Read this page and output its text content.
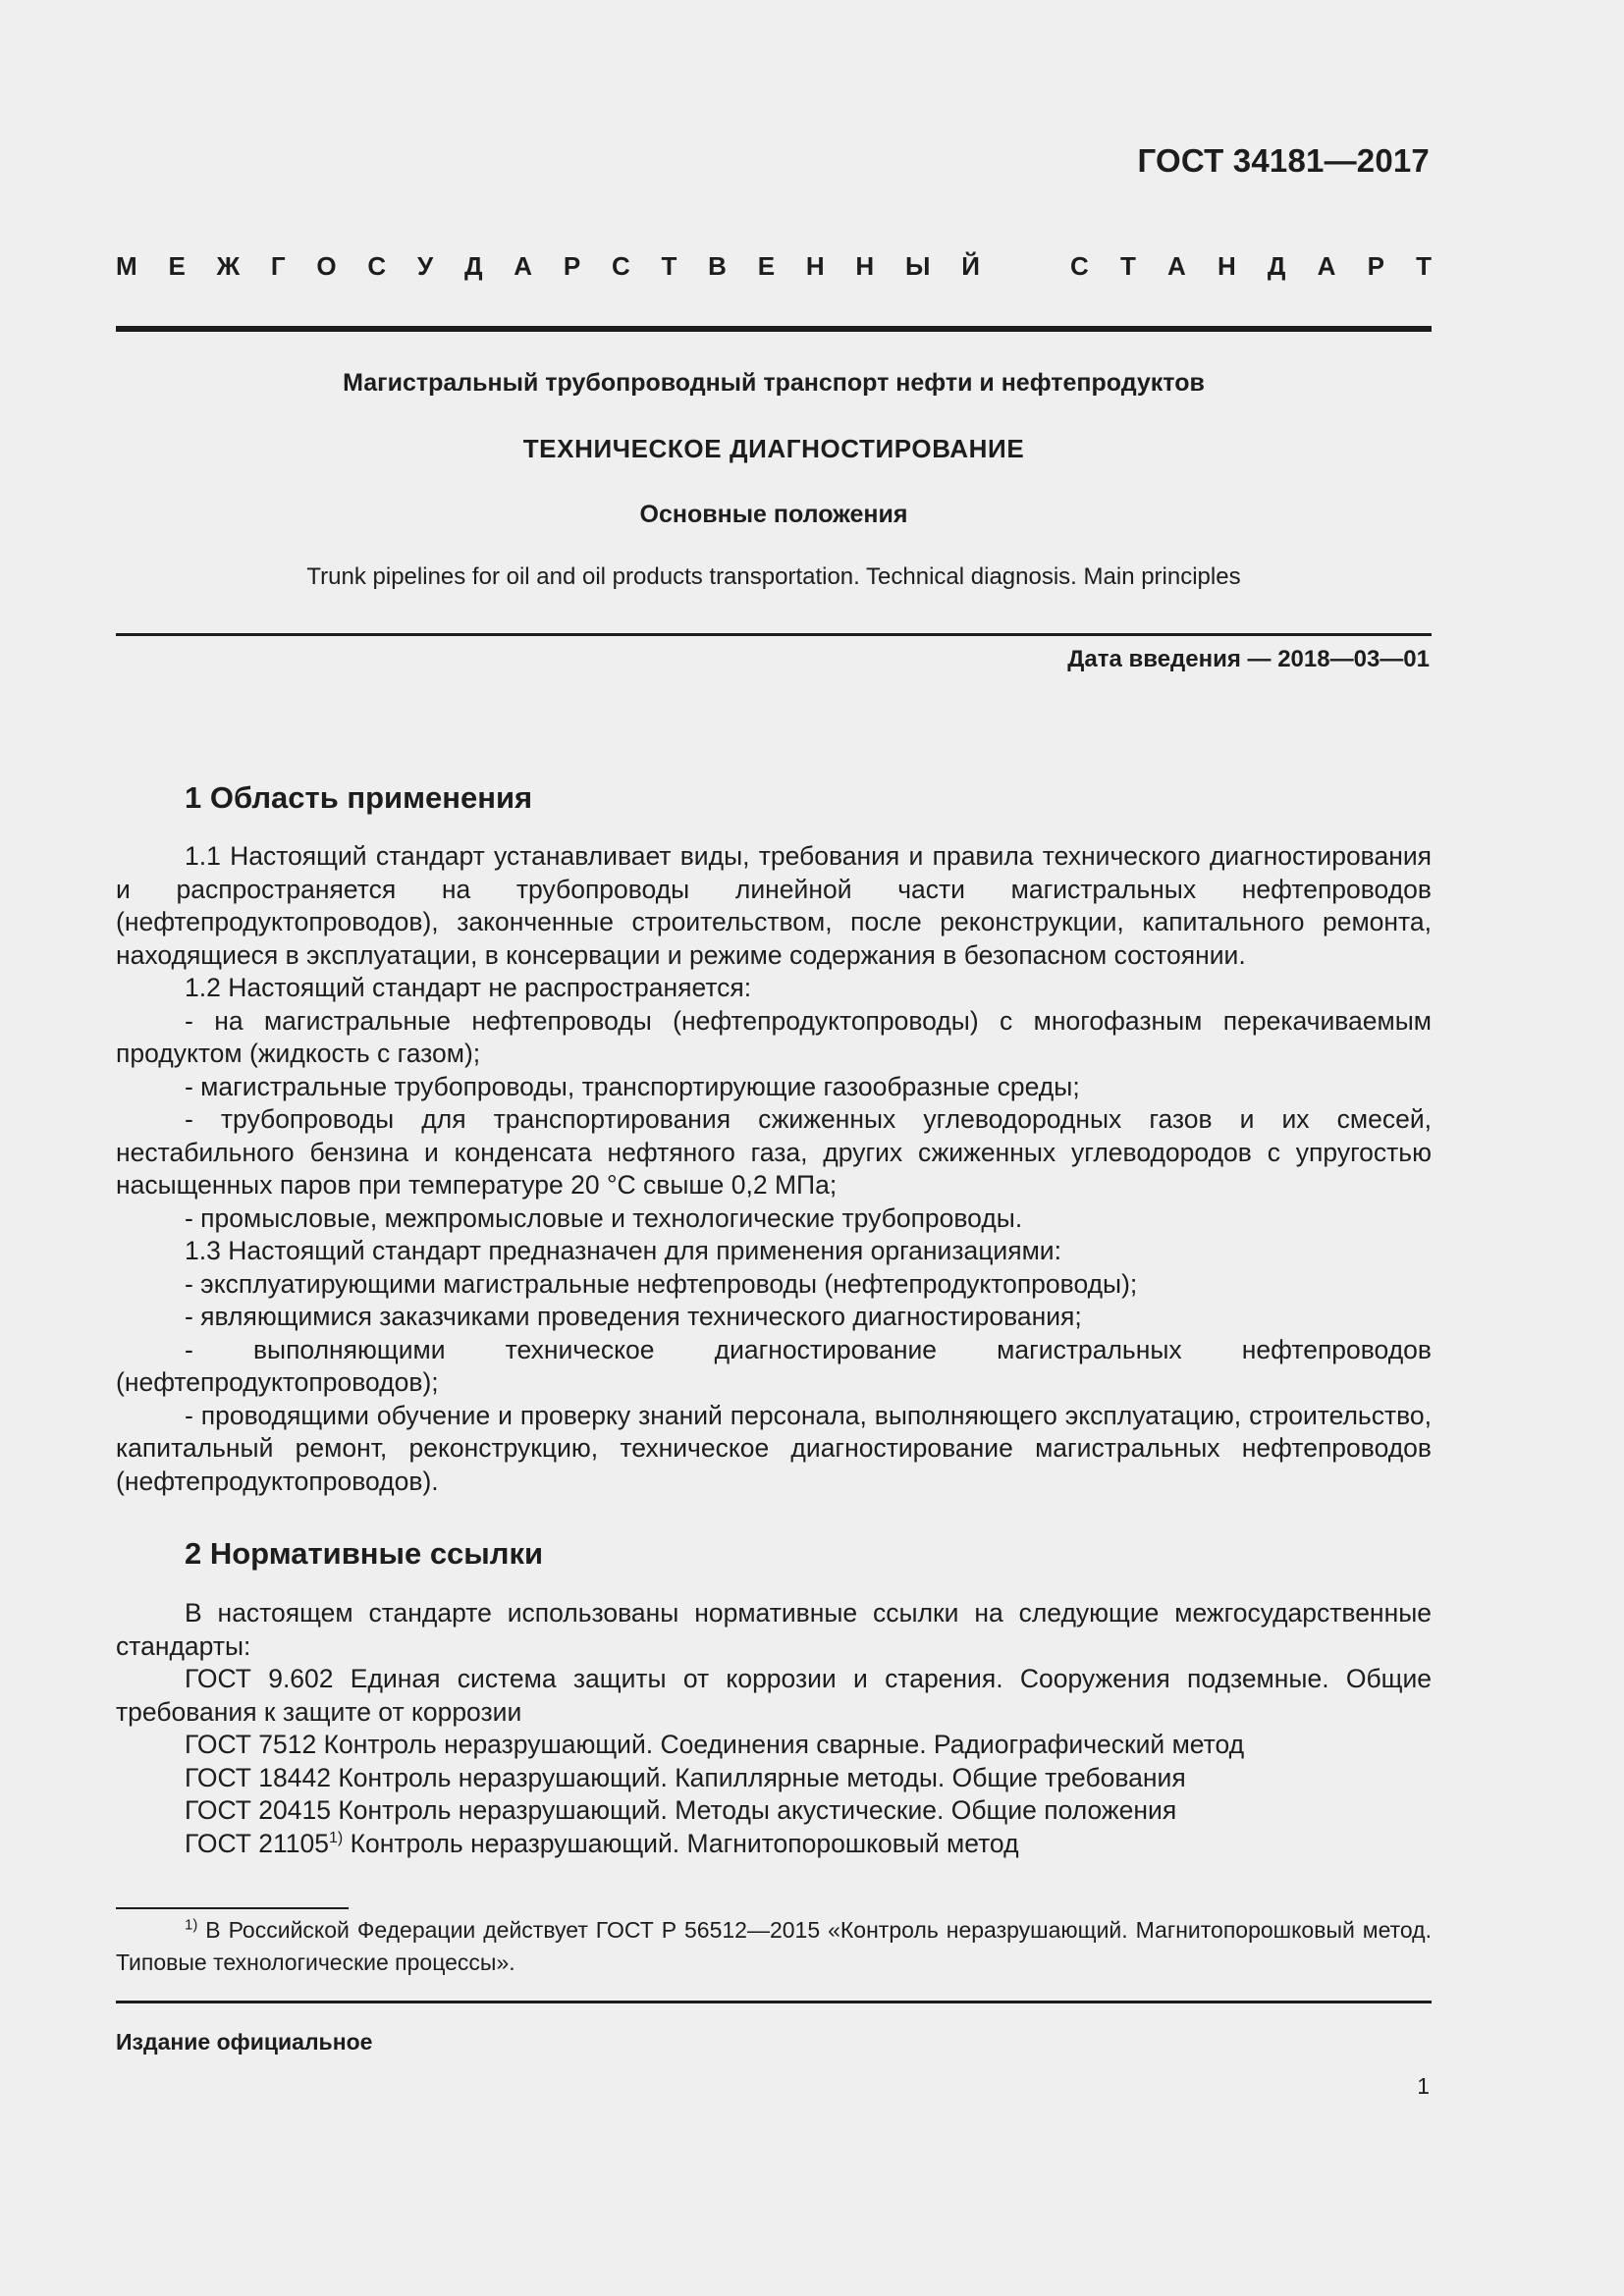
ГОСТ 34181—2017
М Е Ж Г О С У Д А Р С Т В Е Н Н Ы Й	С Т А Н Д А Р Т
Магистральный трубопроводный транспорт нефти и нефтепродуктов
ТЕХНИЧЕСКОЕ ДИАГНОСТИРОВАНИЕ
Основные положения
Trunk pipelines for oil and oil products transportation. Technical diagnosis. Main principles
Дата введения — 2018—03—01
1 Область применения

1.1 Настоящий стандарт устанавливает виды, требования и правила технического диагностирования и распространяется на трубопроводы линейной части магистральных нефтепроводов (нефтепродуктопроводов), законченные строительством, после реконструкции, капитального ремонта, находящиеся в эксплуатации, в консервации и режиме содержания в безопасном состоянии.

1.2 Настоящий стандарт не распространяется:

- на магистральные нефтепроводы (нефтепродуктопроводы) с многофазным перекачиваемым продуктом (жидкость с газом);

- магистральные трубопроводы, транспортирующие газообразные среды;

- трубопроводы для транспортирования сжиженных углеводородных газов и их смесей, нестабильного бензина и конденсата нефтяного газа, других сжиженных углеводородов с упругостью насыщенных паров при температуре 20 °С свыше 0,2 МПа;

- промысловые, межпромысловые и технологические трубопроводы.

1.3 Настоящий стандарт предназначен для применения организациями:

- эксплуатирующими магистральные нефтепроводы (нефтепродуктопроводы);

- являющимися заказчиками проведения технического диагностирования;

- выполняющими техническое диагностирование магистральных нефтепроводов (нефтепродуктопроводов);

- проводящими обучение и проверку знаний персонала, выполняющего эксплуатацию, строительство, капитальный ремонт, реконструкцию, техническое диагностирование магистральных нефтепроводов (нефтепродуктопроводов).

2 Нормативные ссылки

В настоящем стандарте использованы нормативные ссылки на следующие межгосударственные стандарты:

ГОСТ 9.602 Единая система защиты от коррозии и старения. Сооружения подземные. Общие требования к защите от коррозии

ГОСТ 7512 Контроль неразрушающий. Соединения сварные. Радиографический метод

ГОСТ 18442 Контроль неразрушающий. Капиллярные методы. Общие требования

ГОСТ 20415 Контроль неразрушающий. Методы акустические. Общие положения

ГОСТ 21105$^{1)}$ Контроль неразрушающий. Магнитопорошковый метод

$^{1)}$ В Российской Федерации действует ГОСТ Р 56512—2015 «Контроль неразрушающий. Магнитопорошковый метод. Типовые технологические процессы».
Издание официальное
1
